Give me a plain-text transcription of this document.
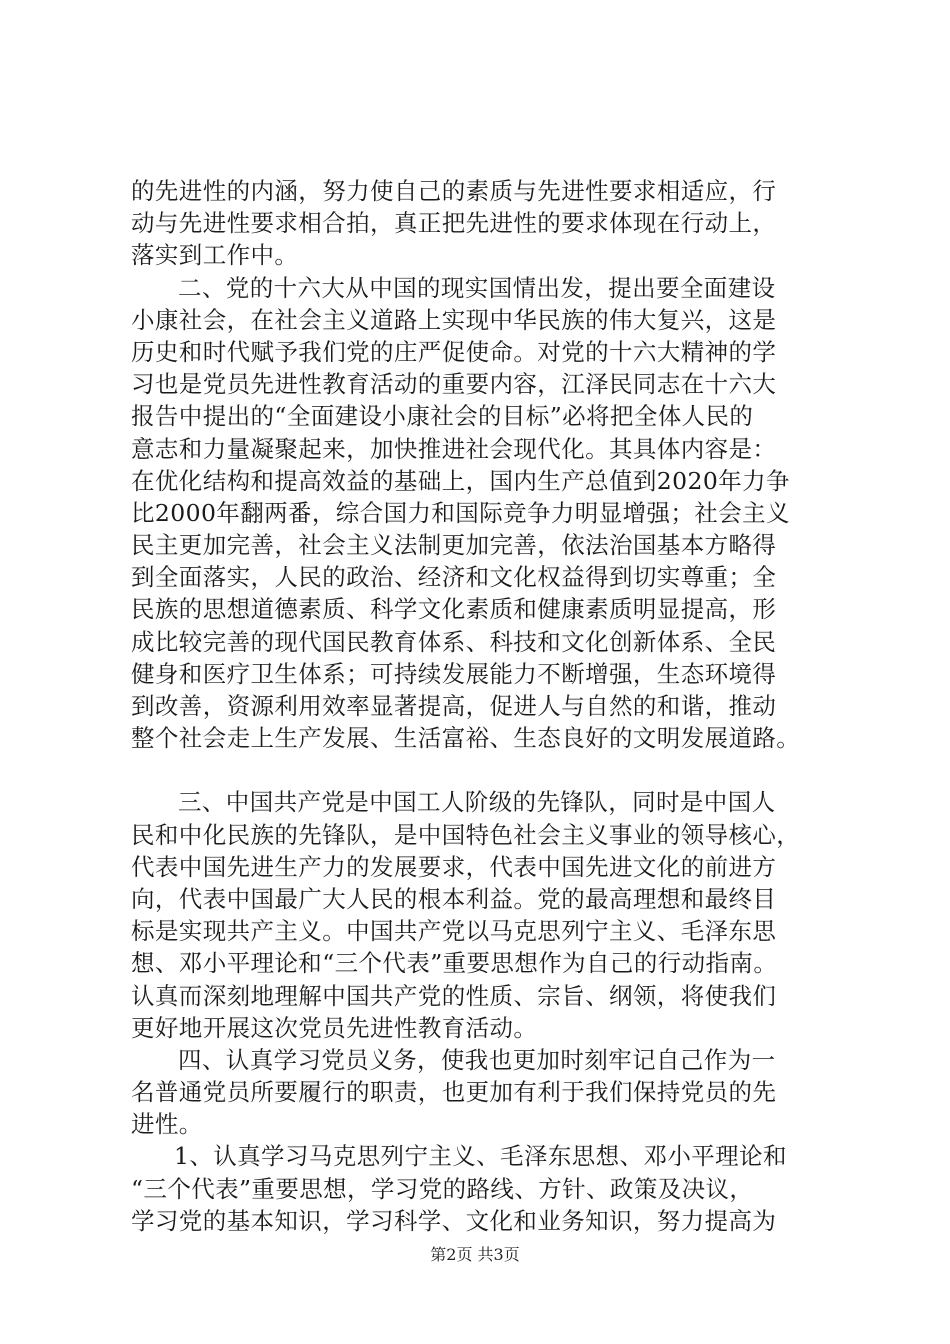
的先进性的内涵，努力使自己的素质与先进性要求相适应，行
动与先进性要求相合拍，真正把先进性的要求体现在行动上，
落实到工作中。
二、党的十六大从中国的现实国情出发，提出要全面建设
小康社会，在社会主义道路上实现中华民族的伟大复兴，这是
历史和时代赋予我们党的庄严促使命。对党的十六大精神的学
习也是党员先进性教育活动的重要内容，江泽民同志在十六大
报告中提出的“全面建设小康社会的目标”必将把全体人民的
意志和力量凝聚起来，加快推进社会现代化。其具体内容是：
在优化结构和提高效益的基础上，国内生产总值到2020年力争
比2000年翻两番，综合国力和国际竞争力明显增强；社会主义
民主更加完善，社会主义法制更加完善，依法治国基本方略得
到全面落实，人民的政治、经济和文化权益得到切实尊重；全
民族的思想道德素质、科学文化素质和健康素质明显提高，形
成比较完善的现代国民教育体系、科技和文化创新体系、全民
健身和医疗卫生体系；可持续发展能力不断增强，生态环境得
到改善，资源利用效率显著提高，促进人与自然的和谐，推动
整个社会走上生产发展、生活富裕、生态良好的文明发展道路。
三、中国共产党是中国工人阶级的先锋队，同时是中国人
民和中化民族的先锋队，是中国特色社会主义事业的领导核心，
代表中国先进生产力的发展要求，代表中国先进文化的前进方
向，代表中国最广大人民的根本利益。党的最高理想和最终目
标是实现共产主义。中国共产党以马克思列宁主义、毛泽东思
想、邓小平理论和“三个代表”重要思想作为自己的行动指南。
认真而深刻地理解中国共产党的性质、宗旨、纲领，将使我们
更好地开展这次党员先进性教育活动。
四、认真学习党员义务，使我也更加时刻牢记自己作为一
名普通党员所要履行的职责，也更加有利于我们保持党员的先
进性。
1、认真学习马克思列宁主义、毛泽东思想、邓小平理论和
“三个代表”重要思想，学习党的路线、方针、政策及决议，
学习党的基本知识，学习科学、文化和业务知识，努力提高为
第2页 共3页
